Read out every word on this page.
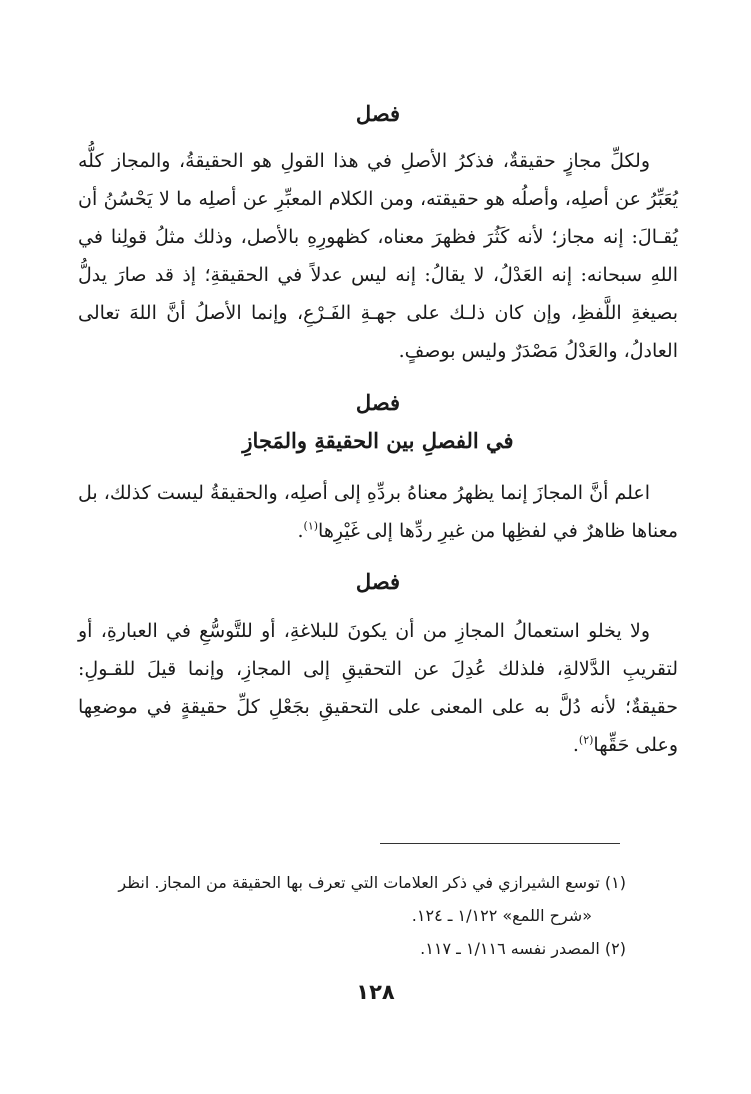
فصل

ولكلِّ مجازٍ حقيقةٌ، فذكرُ الأصلِ في هذا القولِ هو الحقيقةُ، والمجاز كلُّه يُعَبِّرُ عن أصلِه، وأصلُه هو حقيقته، ومن الكلام المعبِّرِ عن أصلِه ما لا يَحْسُنُ أن يُقـالَ: إنه مجاز؛ لأنه كَثُرَ فظهرَ معناه، كظهورِهِ بالأصل، وذلك مثلُ قولِنا في اللهِ سبحانه: إنه العَدْلُ، لا يقالُ: إنه ليس عدلاً في الحقيقةِ؛ إذ قد صارَ يدلُّ بصيغةِ اللَّفظِ، وإن كان ذلـك على جهـةِ الفَـرْعِ، وإنما الأصلُ أنَّ اللهَ تعالى العادلُ، والعَدْلُ مَصْدَرٌ وليس بوصفٍ.

فصل
في الفصلِ بين الحقيقةِ والمَجازِ

اعلم أنَّ المجازَ إنما يظهرُ معناهُ بردِّهِ إلى أصلِه، والحقيقةُ ليست كذلك، بل معناها ظاهرٌ في لفظِها من غيرِ ردِّها إلى غَيْرِها$^{(١)}$.

فصل

ولا يخلو استعمالُ المجازِ من أن يكونَ للبلاغةِ، أو للتَّوسُّعِ في العبارةِ، أو لتقريبِ الدَّلالةِ، فلذلك عُدِلَ عن التحقيقِ إلى المجازِ، وإنما قيلَ للقـولِ: حقيقةٌ؛ لأنه دُلَّ به على المعنى على التحقيقِ بجَعْلِ كلِّ حقيقةٍ في موضعِها وعلى حَقِّها$^{(٢)}$.

(١) توسع الشيرازي في ذكر العلامات التي تعرف بها الحقيقة من المجاز. انظر
«شرح اللمع» ١/١٢٢ ـ ١٢٤.

(٢) المصدر نفسه ١/١١٦ ـ ١١٧.

١٢٨
